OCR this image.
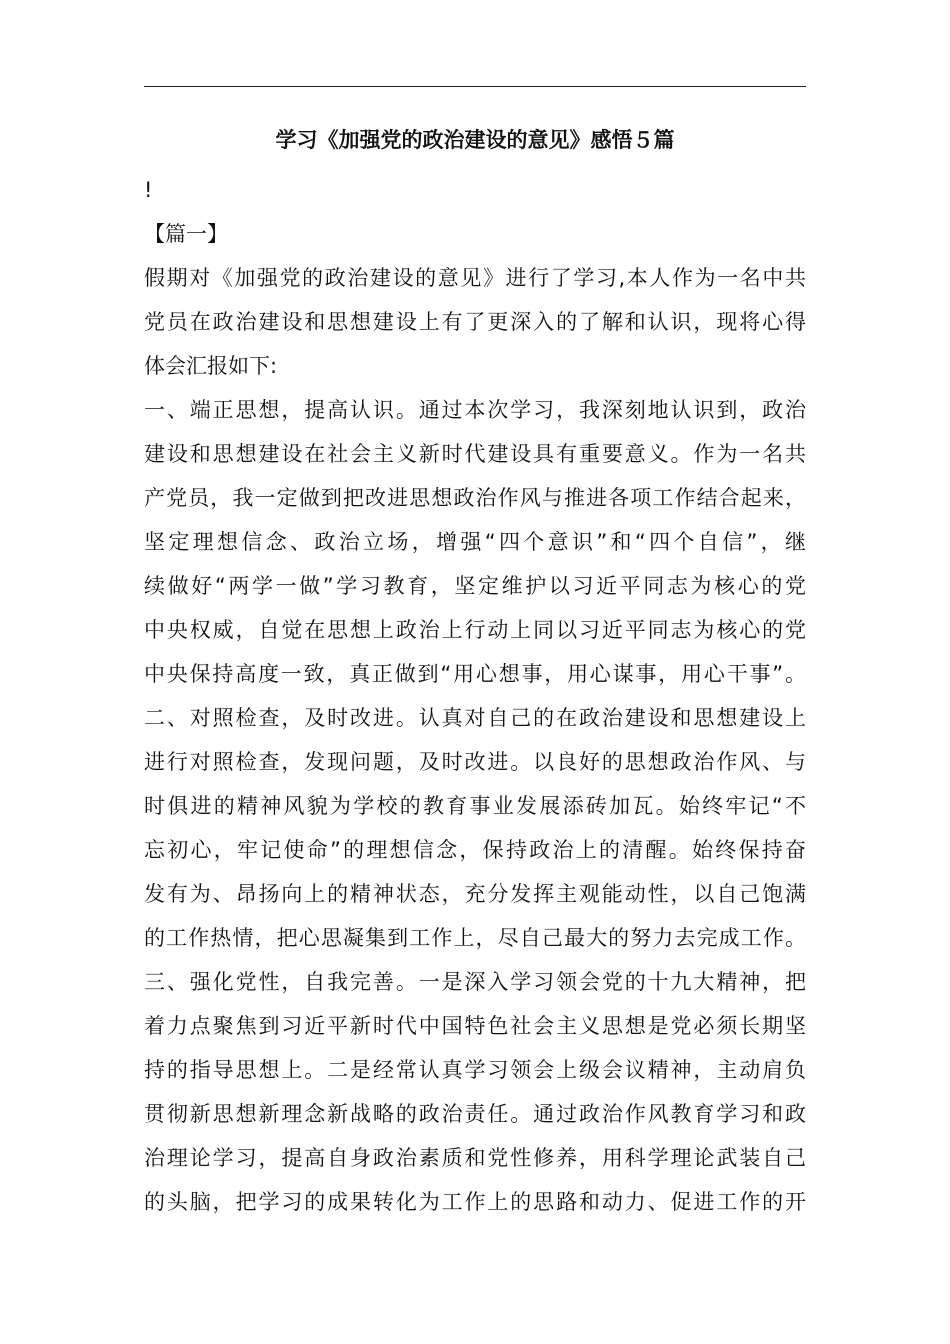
学习《加强党的政治建设的意见》感悟５篇
!
【篇一】
假期对《加强党的政治建设的意见》进行了学习,本人作为一名中共
党员在政治建设和思想建设上有了更深入的了解和认识，现将心得
体会汇报如下:
一、端正思想，提高认识。通过本次学习，我深刻地认识到，政治
建设和思想建设在社会主义新时代建设具有重要意义。作为一名共
产党员，我一定做到把改进思想政治作风与推进各项工作结合起来，
坚定理想信念、政治立场，增强“四个意识”和“四个自信”，继
续做好“两学一做”学习教育，坚定维护以习近平同志为核心的党
中央权威，自觉在思想上政治上行动上同以习近平同志为核心的党
中央保持高度一致，真正做到“用心想事，用心谋事，用心干事”。
二、对照检查，及时改进。认真对自己的在政治建设和思想建设上
进行对照检查，发现问题，及时改进。以良好的思想政治作风、与
时俱进的精神风貌为学校的教育事业发展添砖加瓦。始终牢记“不
忘初心，牢记使命”的理想信念，保持政治上的清醒。始终保持奋
发有为、昂扬向上的精神状态，充分发挥主观能动性，以自己饱满
的工作热情，把心思凝集到工作上，尽自己最大的努力去完成工作。
三、强化党性，自我完善。一是深入学习领会党的十九大精神，把
着力点聚焦到习近平新时代中国特色社会主义思想是党必须长期坚
持的指导思想上。二是经常认真学习领会上级会议精神，主动肩负
贯彻新思想新理念新战略的政治责任。通过政治作风教育学习和政
治理论学习，提高自身政治素质和党性修养，用科学理论武装自己
的头脑，把学习的成果转化为工作上的思路和动力、促进工作的开
